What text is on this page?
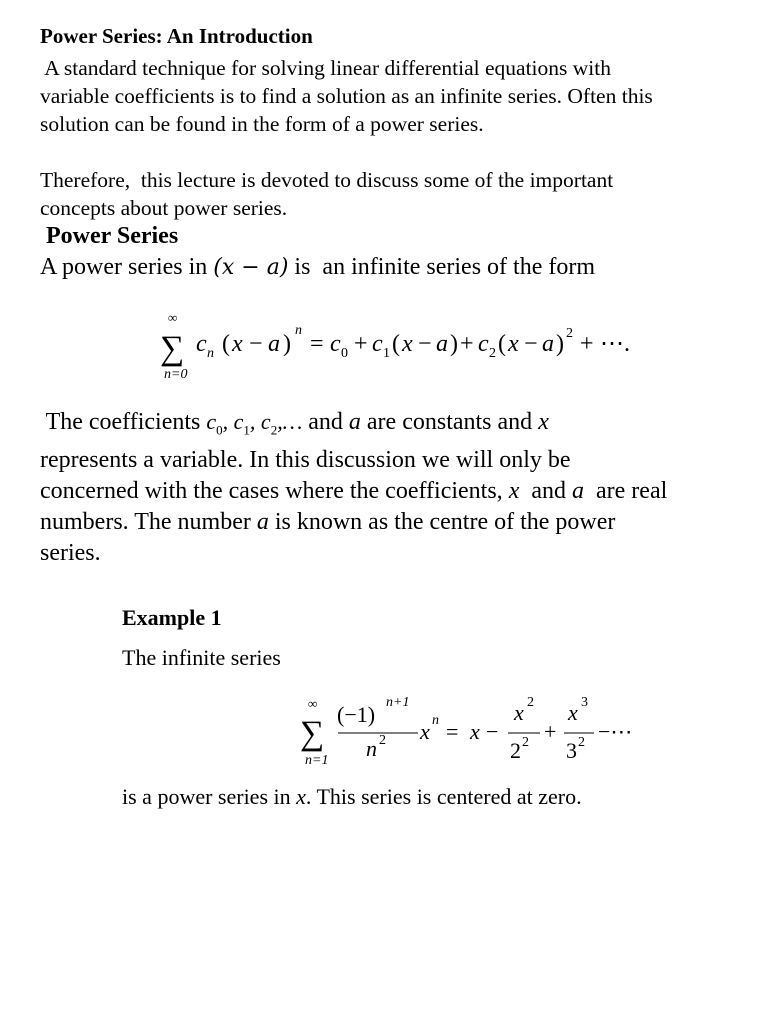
Power Series: An Introduction
A standard technique for solving linear differential equations with
variable coefficients is to find a solution as an infinite series. Often this
solution can be found in the form of a power series.
Therefore,  this lecture is devoted to discuss some of the important
concepts about power series.
Power Series
A power series in (x − a) is  an infinite series of the form
∞
∑
n=0
c n ( x − a )
n
= c 0 + c 1 ( x − a ) + c 2 ( x − a ) 2 + ⋯.
The coefficients $c_0$, $c_1$, $c_2,\dots$ and a are constants and x
represents a variable. In this discussion we will only be
concerned with the cases where the coefficients, x  and a  are real
numbers. The number a is known as the centre of the power
series.
Example 1
The infinite series
∞
∑
n=1
(−1) n+1
n 2 x n = x −
x 2
2 2 +
x 3
3 2 −⋯
is a power series in x. This series is centered at zero.
